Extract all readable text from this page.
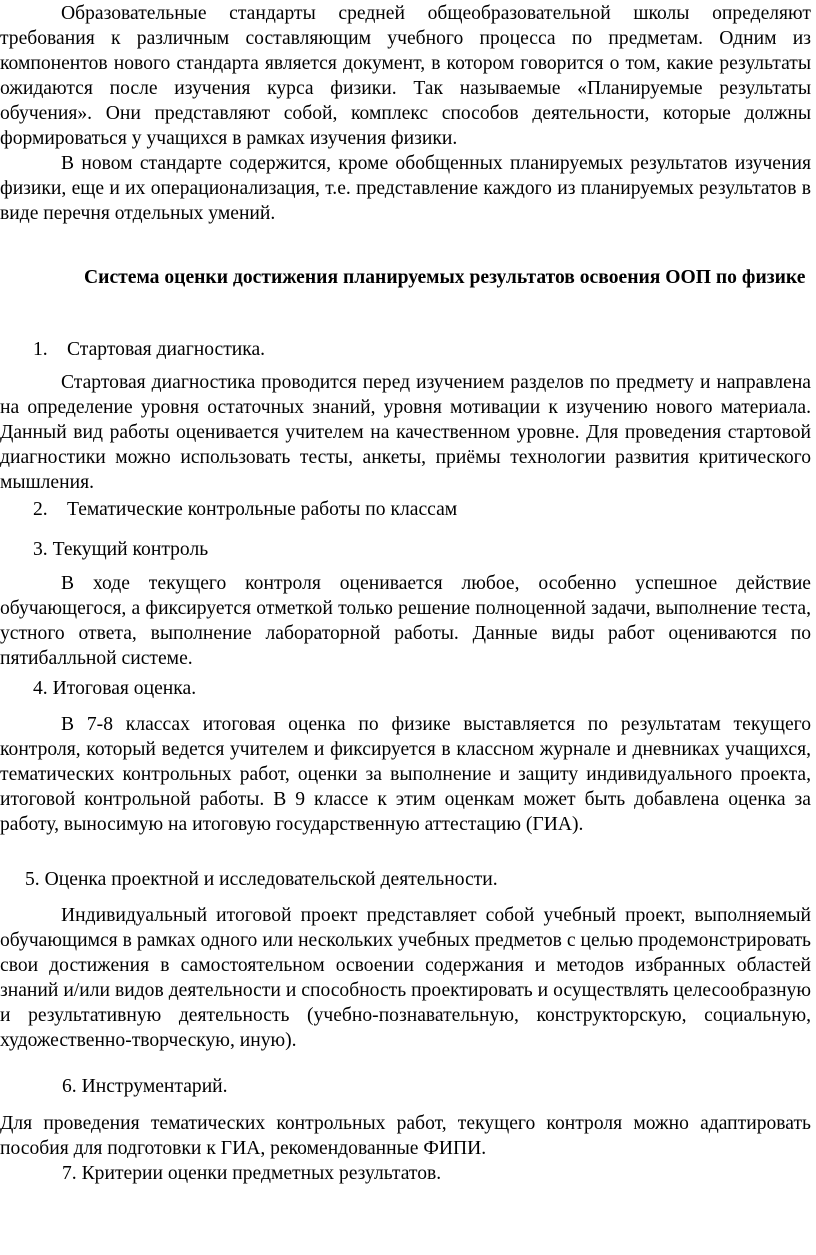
Образовательные стандарты средней общеобразовательной школы определяют требования к различным составляющим учебного процесса по предметам. Одним из компонентов нового стандарта является документ, в котором говорится о том, какие результаты ожидаются после изучения курса физики. Так называемые «Планируемые результаты обучения». Они представляют собой, комплекс способов деятельности, которые должны формироваться у учащихся в рамках изучения физики.

В новом стандарте содержится, кроме обобщенных планируемых результатов изучения физики, еще и их операционализация, т.е. представление каждого из планируемых результатов в виде перечня отдельных умений.

Система оценки достижения планируемых результатов освоения ООП по физике

1. Стартовая диагностика.

Стартовая диагностика проводится перед изучением разделов по предмету и направлена на определение уровня остаточных знаний, уровня мотивации к изучению нового материала. Данный вид работы оценивается учителем на качественном уровне. Для проведения стартовой диагностики можно использовать тесты, анкеты, приёмы технологии развития критического мышления.

2. Тематические контрольные работы по классам
3. Текущий контроль

В ходе текущего контроля оценивается любое, особенно успешное действие обучающегося, а фиксируется отметкой только решение полноценной задачи, выполнение теста, устного ответа, выполнение лабораторной работы. Данные виды работ оцениваются по пятибалльной системе.

4. Итоговая оценка.

В 7-8 классах итоговая оценка по физике выставляется по результатам текущего контроля, который ведется учителем и фиксируется в классном журнале и дневниках учащихся, тематических контрольных работ, оценки за выполнение и защиту индивидуального проекта, итоговой контрольной работы. В 9 классе к этим оценкам может быть добавлена оценка за работу, выносимую на итоговую государственную аттестацию (ГИА).

5. Оценка проектной и исследовательской деятельности.

Индивидуальный итоговой проект представляет собой учебный проект, выполняемый обучающимся в рамках одного или нескольких учебных предметов с целью продемонстрировать свои достижения в самостоятельном освоении содержания и методов избранных областей знаний и/или видов деятельности и способность проектировать и осуществлять целесообразную и результативную деятельность (учебно-познавательную, конструкторскую, социальную, художественно-творческую, иную).

6. Инструментарий.

Для проведения тематических контрольных работ, текущего контроля можно адаптировать пособия для подготовки к ГИА, рекомендованные ФИПИ.

7. Критерии оценки предметных результатов.
